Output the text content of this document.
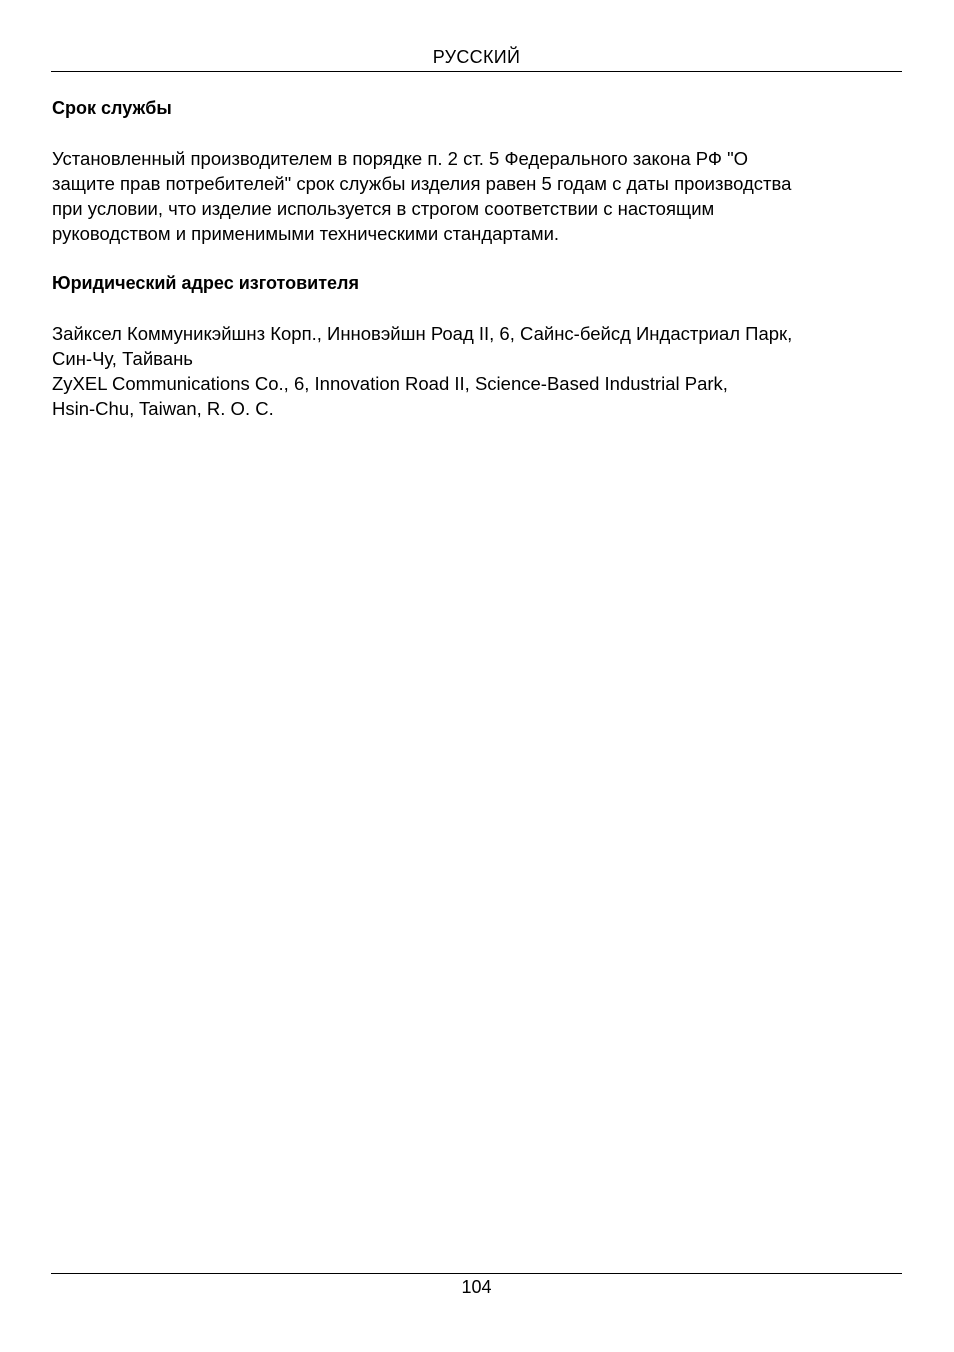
РУССКИЙ

Срок службы

Установленный производителем в порядке п. 2 ст. 5 Федерального закона РФ "О
защите прав потребителей" срок службы изделия равен 5 годам с даты производства
при условии, что изделие используется в строгом соответствии с настоящим
руководством и применимыми техническими стандартами.

Юридический адрес изготовителя

Зайксел Коммуникэйшнз Корп., Инновэйшн Роад II, 6, Сайнс-бейсд Индастриал Парк,
Син-Чу, Тайвань
ZyXEL Communications Co., 6, Innovation Road II, Science-Based Industrial Park,
Hsin-Chu, Taiwan, R. O. C.

104
